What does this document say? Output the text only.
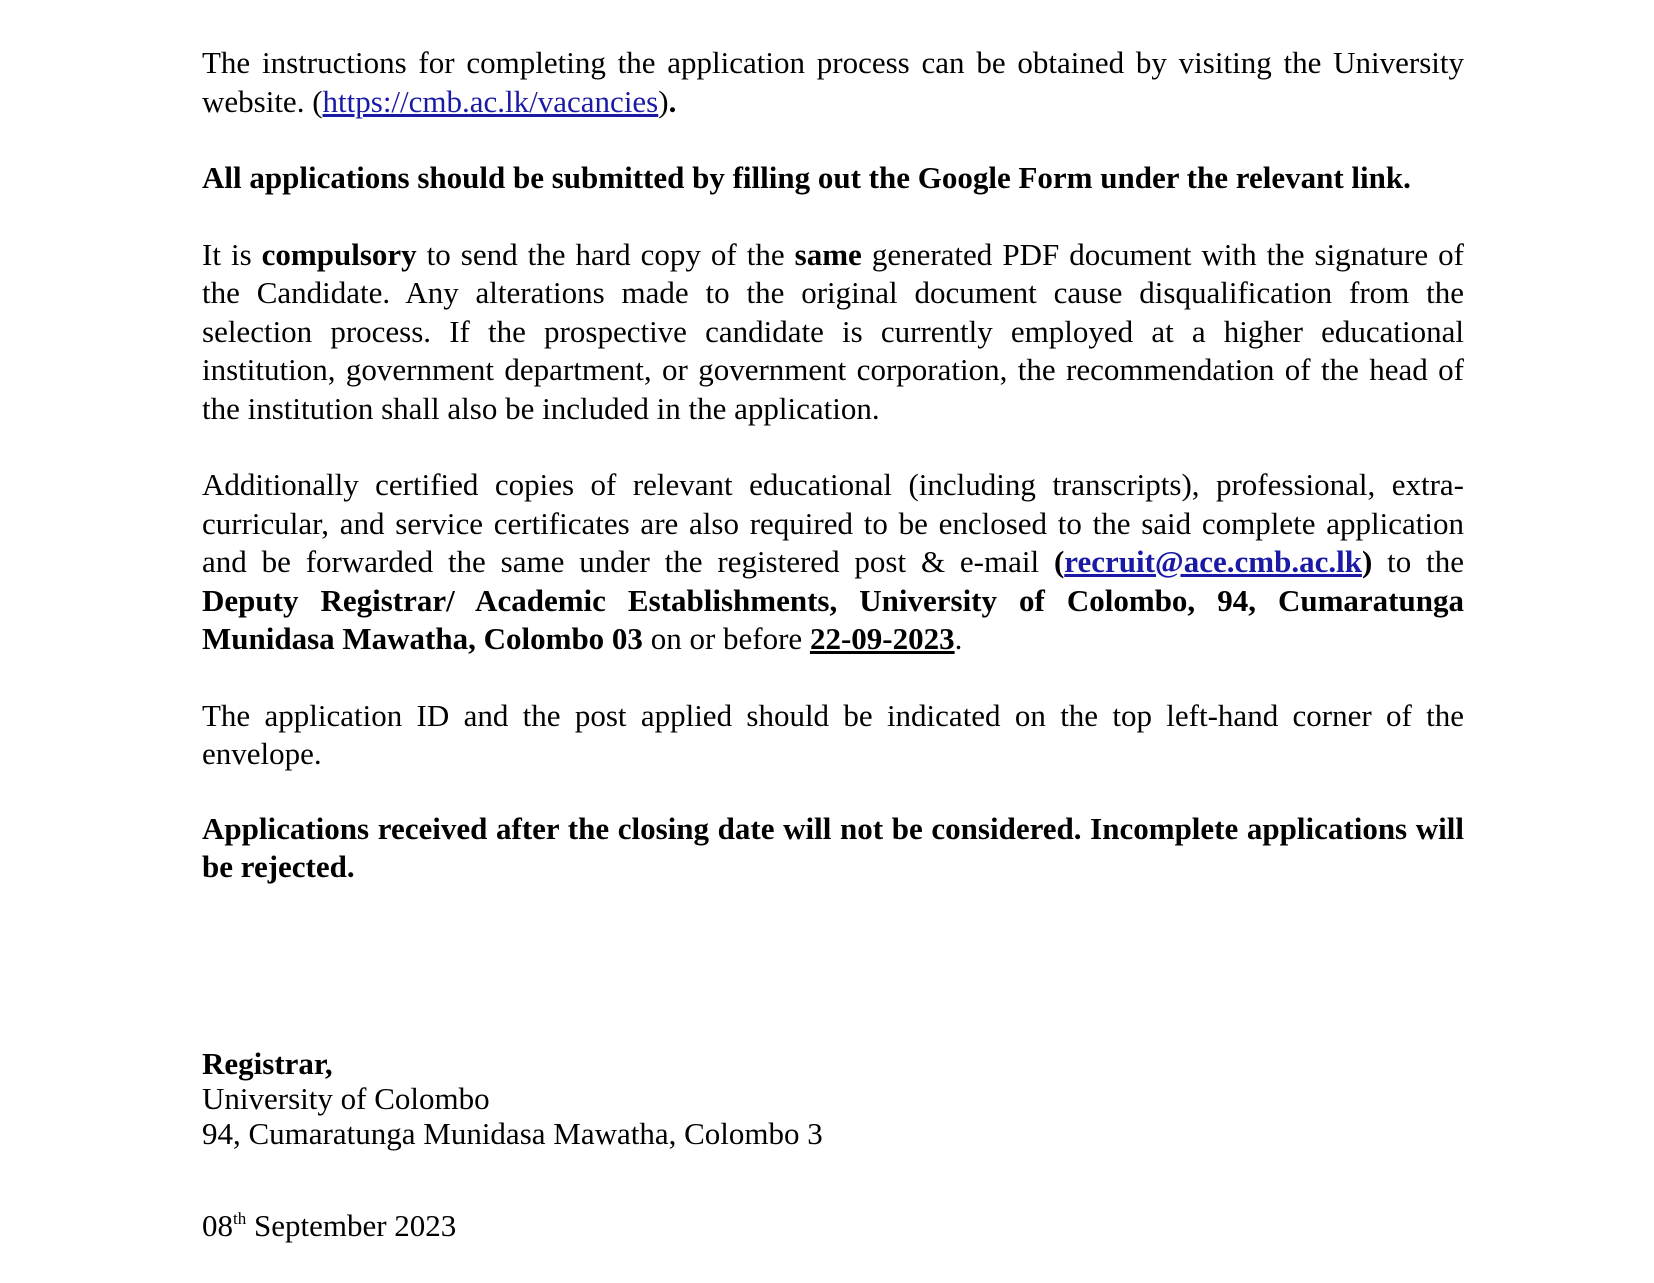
The instructions for completing the application process can be obtained by visiting the University website. (https://cmb.ac.lk/vacancies).

All applications should be submitted by filling out the Google Form under the relevant link.

It is compulsory to send the hard copy of the same generated PDF document with the signature of the Candidate. Any alterations made to the original document cause disqualification from the selection process. If the prospective candidate is currently employed at a higher educational institution, government department, or government corporation, the recommendation of the head of the institution shall also be included in the application.

Additionally certified copies of relevant educational (including transcripts), professional, extra-curricular, and service certificates are also required to be enclosed to the said complete application and be forwarded the same under the registered post & e-mail (recruit@ace.cmb.ac.lk) to the Deputy Registrar/ Academic Establishments, University of Colombo, 94, Cumaratunga Munidasa Mawatha, Colombo 03 on or before 22-09-2023.

The application ID and the post applied should be indicated on the top left-hand corner of the envelope.

Applications received after the closing date will not be considered. Incomplete applications will be rejected.

Registrar,
University of Colombo
94, Cumaratunga Munidasa Mawatha, Colombo 3
08th September 2023
